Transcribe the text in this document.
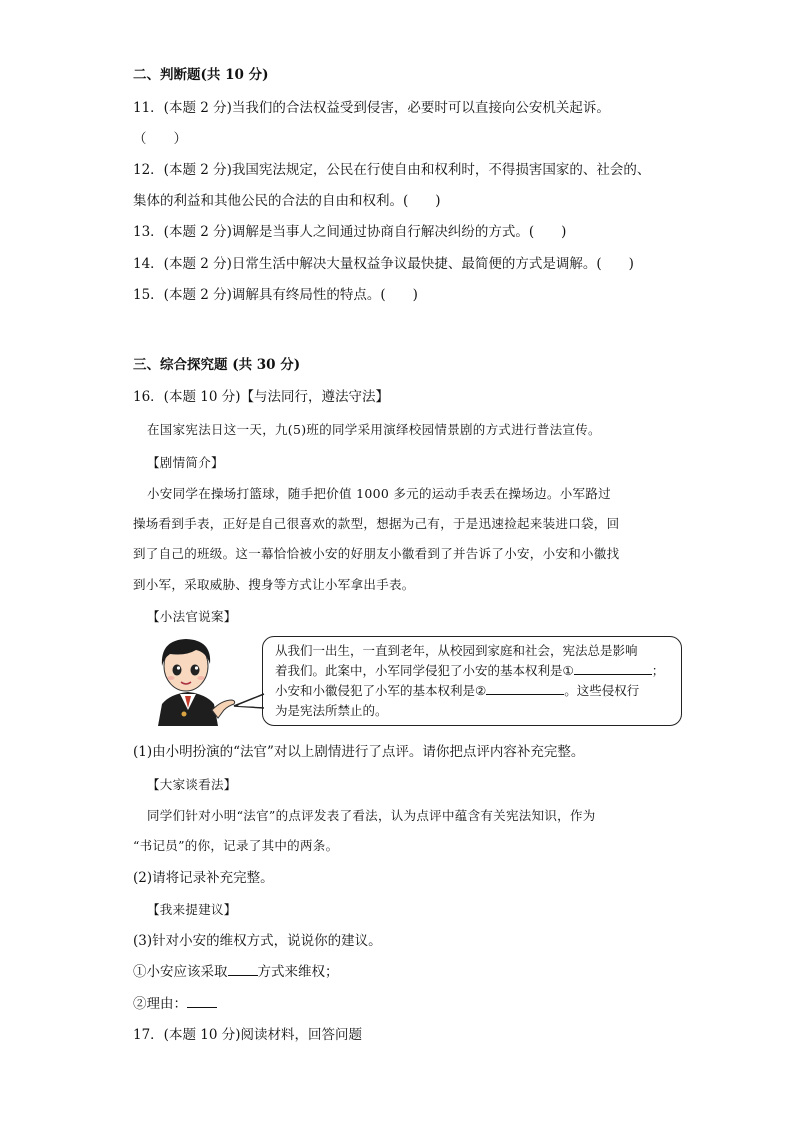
二、判断题(共 10 分)
11．(本题 2 分)当我们的合法权益受到侵害，必要时可以直接向公安机关起诉。
（　　）
12．(本题 2 分)我国宪法规定，公民在行使自由和权利时，不得损害国家的、社会的、
集体的利益和其他公民的合法的自由和权利。(　　)
13．(本题 2 分)调解是当事人之间通过协商自行解决纠纷的方式。(　　)
14．(本题 2 分)日常生活中解决大量权益争议最快捷、最简便的方式是调解。(　　)
15．(本题 2 分)调解具有终局性的特点。(　　)
三、综合探究题 (共 30 分)
16．(本题 10 分)【与法同行，遵法守法】
在国家宪法日这一天，九(5)班的同学采用演绎校园情景剧的方式进行普法宣传。
【剧情简介】
小安同学在操场打篮球，随手把价值 1000 多元的运动手表丢在操场边。小军路过
操场看到手表，正好是自己很喜欢的款型，想据为己有，于是迅速捡起来装进口袋，回
到了自己的班级。这一幕恰恰被小安的好朋友小徽看到了并告诉了小安，小安和小徽找
到小军，采取威胁、搜身等方式让小军拿出手表。
【小法官说案】
从我们一出生，一直到老年，从校园到家庭和社会，宪法总是影响
着我们。此案中，小军同学侵犯了小安的基本权利是①	；
小安和小徽侵犯了小军的基本权利是②	。这些侵权行
为是宪法所禁止的。
(1)由小明扮演的“法官”对以上剧情进行了点评。请你把点评内容补充完整。
【大家谈看法】
同学们针对小明“法官”的点评发表了看法，认为点评中蕴含有关宪法知识，作为
“书记员”的你，记录了其中的两条。
(2)请将记录补充完整。
【我来提建议】
(3)针对小安的维权方式，说说你的建议。
①小安应该采取 方式来维权；
②理由：
17．(本题 10 分)阅读材料，回答问题
